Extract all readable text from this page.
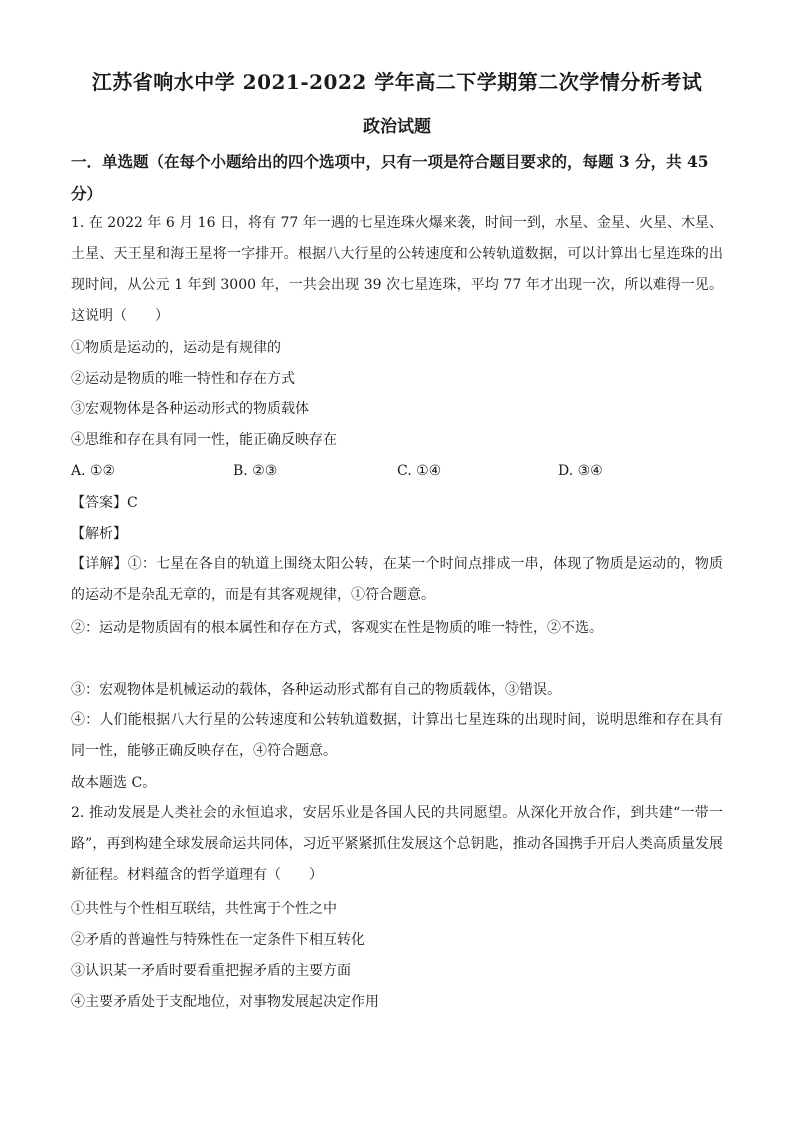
江苏省响水中学 2021-2022 学年高二下学期第二次学情分析考试
政治试题

一．单选题（在每个小题给出的四个选项中，只有一项是符合题目要求的，每题 3 分，共 45 分）

1. 在 2022 年 6 月 16 日，将有 77 年一遇的七星连珠火爆来袭，时间一到，水星、金星、火星、木星、土星、天王星和海王星将一字排开。根据八大行星的公转速度和公转轨道数据，可以计算出七星连珠的出现时间，从公元 1 年到 3000 年，一共会出现 39 次七星连珠，平均 77 年才出现一次，所以难得一见。这说明（　　）

①物质是运动的，运动是有规律的

②运动是物质的唯一特性和存在方式

③宏观物体是各种运动形式的物质载体

④思维和存在具有同一性，能正确反映存在

A. ①②	B. ②③	C. ①④	D. ③④

【答案】C

【解析】

【详解】①：七星在各自的轨道上围绕太阳公转，在某一个时间点排成一串，体现了物质是运动的，物质的运动不是杂乱无章的，而是有其客观规律，①符合题意。

②：运动是物质固有的根本属性和存在方式，客观实在性是物质的唯一特性，②不选。

③：宏观物体是机械运动的载体，各种运动形式都有自己的物质载体，③错误。

④：人们能根据八大行星的公转速度和公转轨道数据，计算出七星连珠的出现时间，说明思维和存在具有同一性，能够正确反映存在，④符合题意。

故本题选 C。

2. 推动发展是人类社会的永恒追求，安居乐业是各国人民的共同愿望。从深化开放合作，到共建“一带一路”，再到构建全球发展命运共同体，习近平紧紧抓住发展这个总钥匙，推动各国携手开启人类高质量发展新征程。材料蕴含的哲学道理有（　　）

①共性与个性相互联结，共性寓于个性之中

②矛盾的普遍性与特殊性在一定条件下相互转化

③认识某一矛盾时要看重把握矛盾的主要方面

④主要矛盾处于支配地位，对事物发展起决定作用
